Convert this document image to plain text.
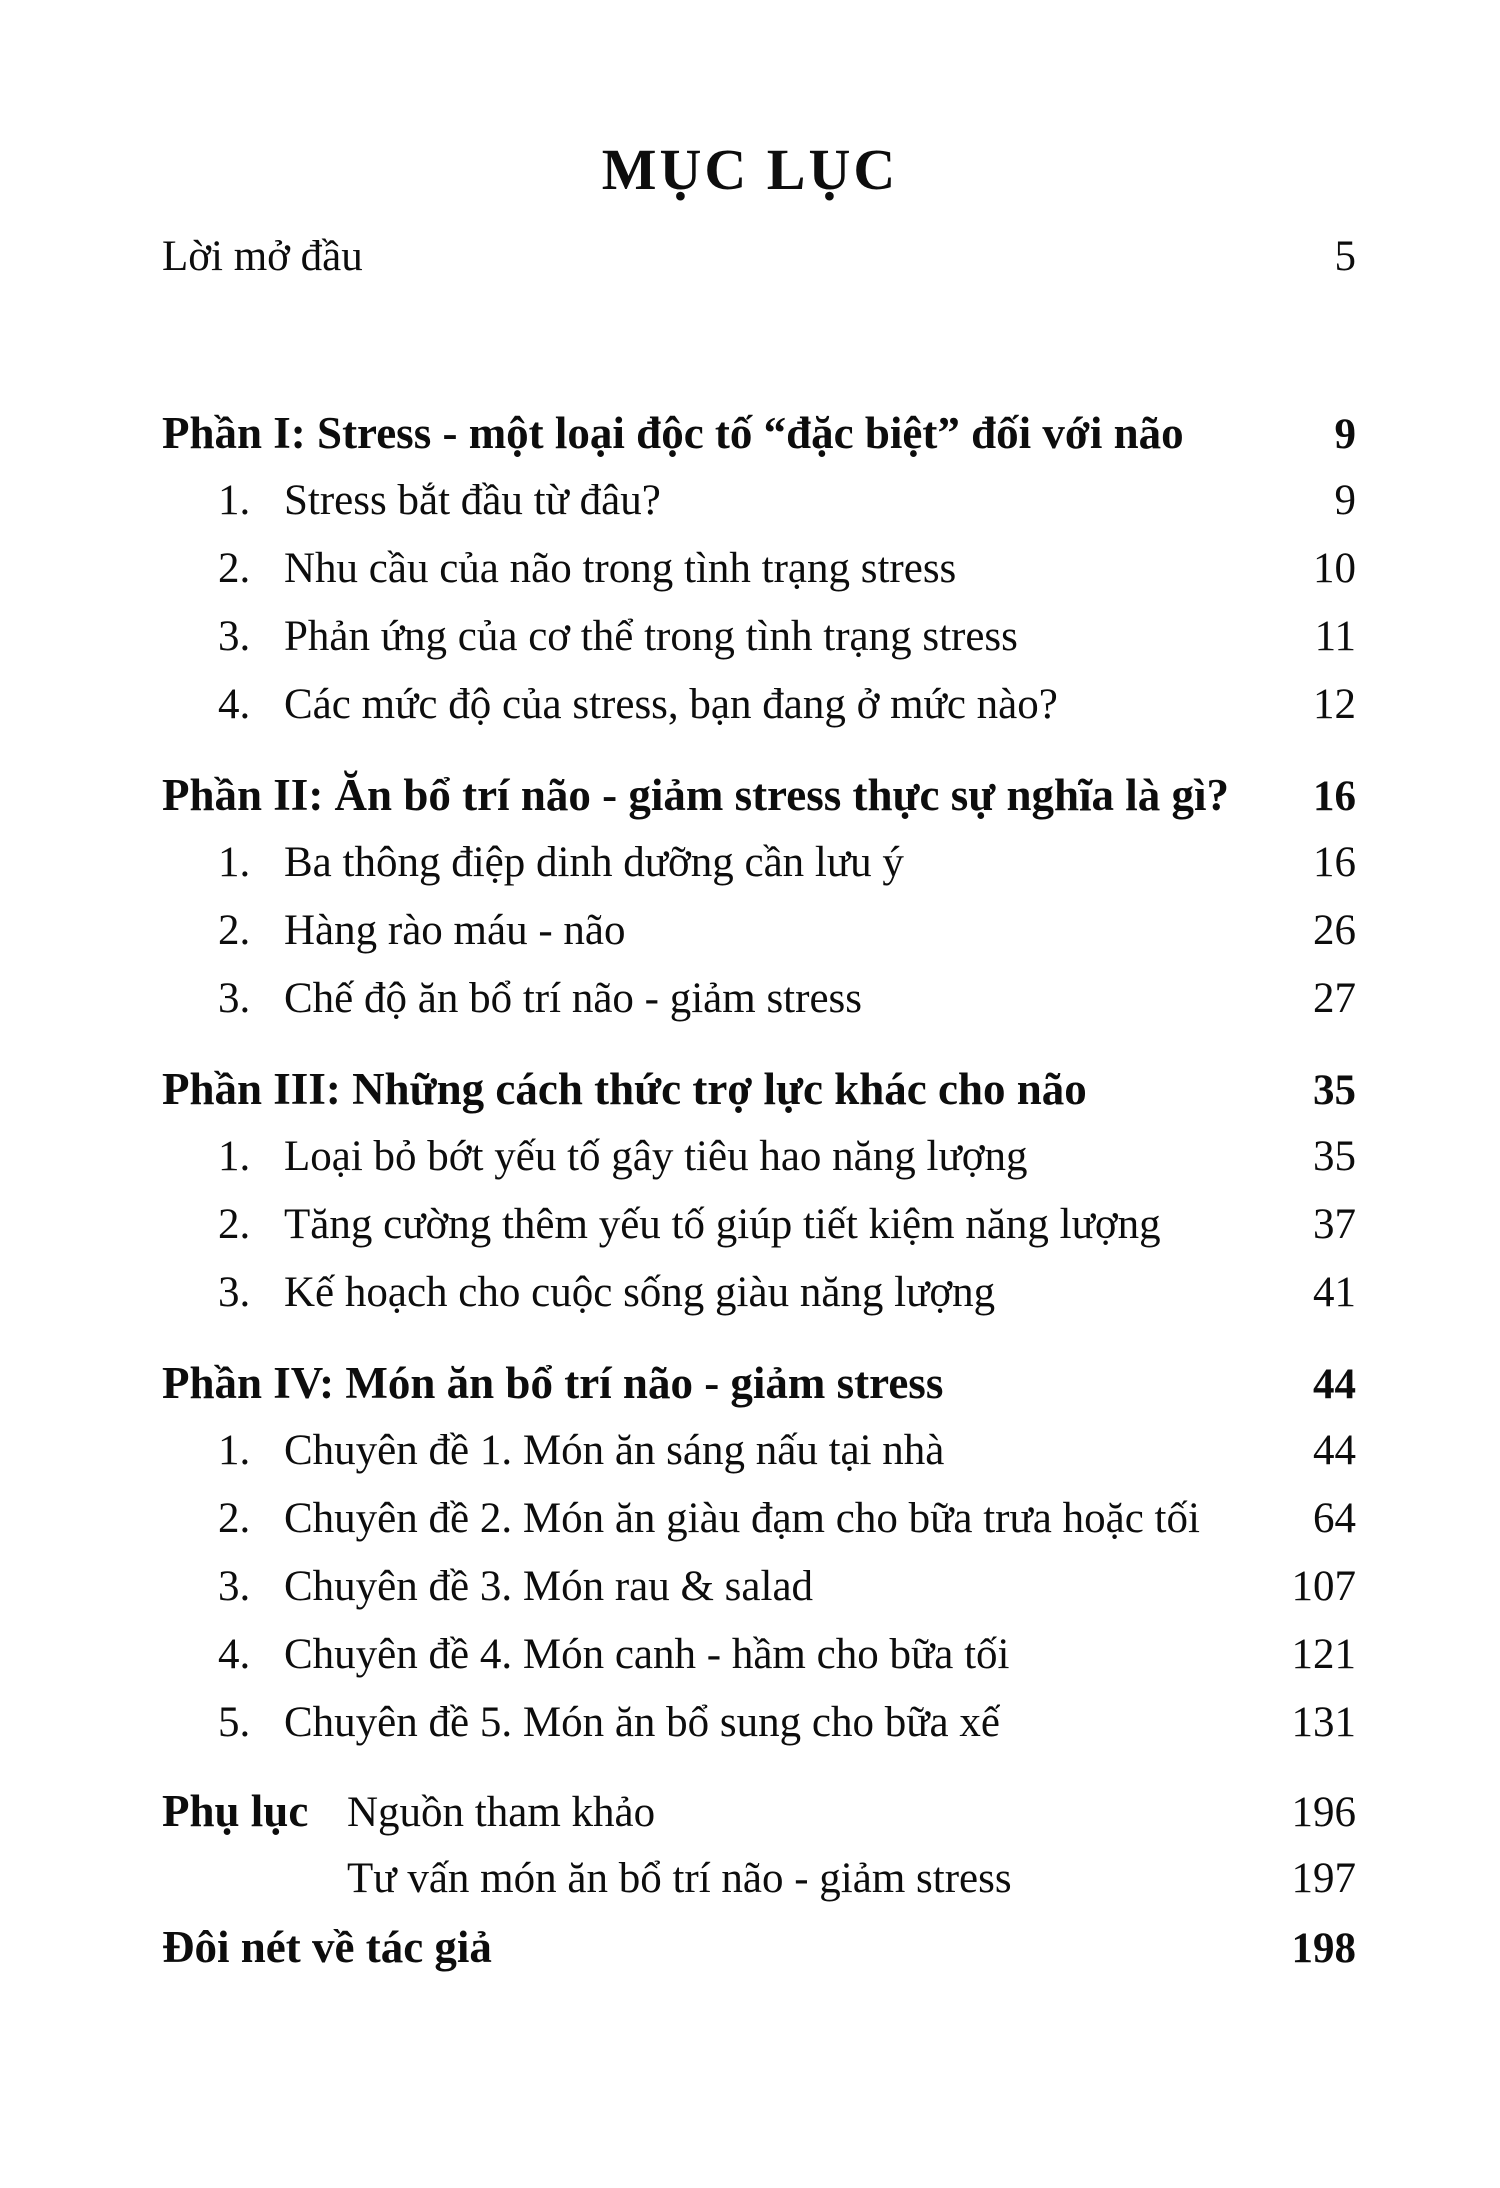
MỤC LỤC
Lời mở đầu	5
Phần I: Stress - một loại độc tố “đặc biệt” đối với não	9
1. Stress bắt đầu từ đâu?	9
2. Nhu cầu của não trong tình trạng stress	10
3. Phản ứng của cơ thể trong tình trạng stress	11
4. Các mức độ của stress, bạn đang ở mức nào?	12
Phần II: Ăn bổ trí não - giảm stress thực sự nghĩa là gì? 16
1. Ba thông điệp dinh dưỡng cần lưu ý	16
2. Hàng rào máu - não	26
3. Chế độ ăn bổ trí não - giảm stress	27
Phần III: Những cách thức trợ lực khác cho não	35
1. Loại bỏ bớt yếu tố gây tiêu hao năng lượng	35
2. Tăng cường thêm yếu tố giúp tiết kiệm năng lượng	37
3. Kế hoạch cho cuộc sống giàu năng lượng	41
Phần IV: Món ăn bổ trí não - giảm stress	44
1. Chuyên đề 1. Món ăn sáng nấu tại nhà	44
2. Chuyên đề 2. Món ăn giàu đạm cho bữa trưa hoặc tối	64
3. Chuyên đề 3. Món rau & salad	107
4. Chuyên đề 4. Món canh - hầm cho bữa tối	121
5. Chuyên đề 5. Món ăn bổ sung cho bữa xế	131
Phụ lục Nguồn tham khảo	196
Tư vấn món ăn bổ trí não - giảm stress	197
Đôi nét về tác giả	198
